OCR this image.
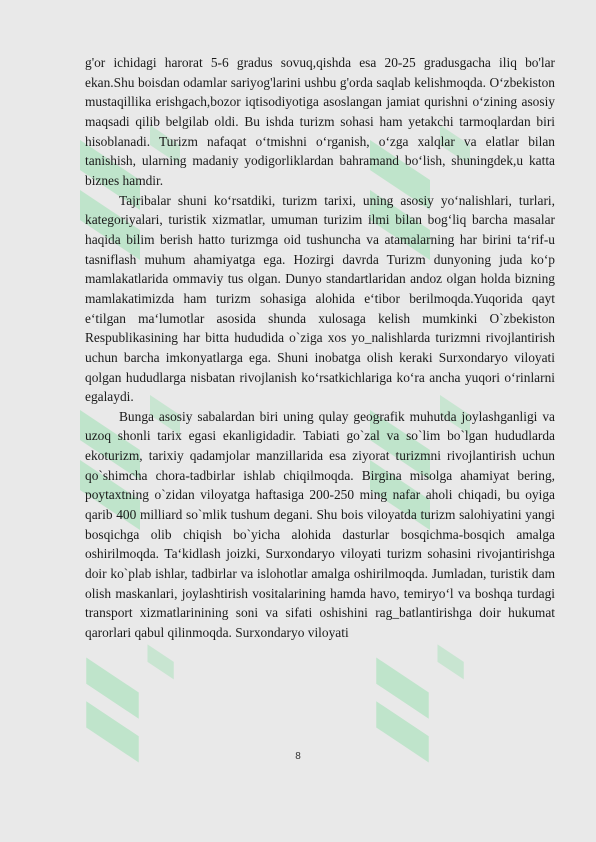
g'or ichidagi harorat 5-6 gradus sovuq,qishda esa 20-25 gradusgacha iliq bo'lar ekan.Shu boisdan odamlar sariyog'larini ushbu g'orda saqlab kelishmoqda. O‘zbekiston mustaqillika erishgach,bozor iqtisodiyotiga asoslangan jamiat qurishni o‘zining asosiy maqsadi qilib belgilab oldi. Bu ishda turizm sohasi ham yetakchi tarmoqlardan biri hisoblanadi. Turizm nafaqat o‘tmishni o‘rganish, o‘zga xalqlar va elatlar bilan tanishish, ularning madaniy yodigorliklardan bahramand bo‘lish, shuningdek,u katta biznes hamdir.

Tajribalar shuni ko‘rsatdiki, turizm tarixi, uning asosiy yo‘nalishlari, turlari, kategoriyalari, turistik xizmatlar, umuman turizim ilmi bilan bog‘liq barcha masalar haqida bilim berish hatto turizmga oid tushuncha va atamalarning har birini ta‘rif-u tasniflash muhum ahamiyatga ega. Hozirgi davrda Turizm dunyoning juda ko‘p mamlakatlarida ommaviy tus olgan. Dunyo standartlaridan andoz olgan holda bizning mamlakatimizda ham turizm sohasiga alohida e‘tibor berilmoqda.Yuqorida qayt e‘tilgan ma‘lumotlar asosida shunda xulosaga kelish mumkinki O`zbekiston Respublikasining har bitta hududida o`ziga xos yo_nalishlarda turizmni rivojlantirish uchun barcha imkonyatlarga ega. Shuni inobatga olish keraki Surxondaryo viloyati qolgan hududlarga nisbatan rivojlanish ko‘rsatkichlariga ko‘ra ancha yuqori o‘rinlarni egalaydi.

Bunga asosiy sabalardan biri uning qulay geografik muhutda joylashganligi va uzoq shonli tarix egasi ekanligidadir. Tabiati go`zal va so`lim bo`lgan hududlarda ekoturizm, tarixiy qadamjolar manzillarida esa ziyorat turizmni rivojlantirish uchun qo`shimcha chora-tadbirlar ishlab chiqilmoqda. Birgina misolga ahamiyat bering, poytaxtning o`zidan viloyatga haftasiga 200-250 ming nafar aholi chiqadi, bu oyiga qarib 400 milliard so`mlik tushum degani. Shu bois viloyatda turizm salohiyatini yangi bosqichga olib chiqish bo`yicha alohida dasturlar bosqichma-bosqich amalga oshirilmoqda. Ta‘kidlash joizki, Surxondaryo viloyati turizm sohasini rivojantirishga doir ko`plab ishlar, tadbirlar va islohotlar amalga oshirilmoqda. Jumladan, turistik dam olish maskanlari, joylashtirish vositalarining hamda havo, temiryo‘l va boshqa turdagi transport xizmatlarinining soni va sifati oshishini rag_batlantirishga doir hukumat qarorlari qabul qilinmoqda. Surxondaryo viloyati

8
